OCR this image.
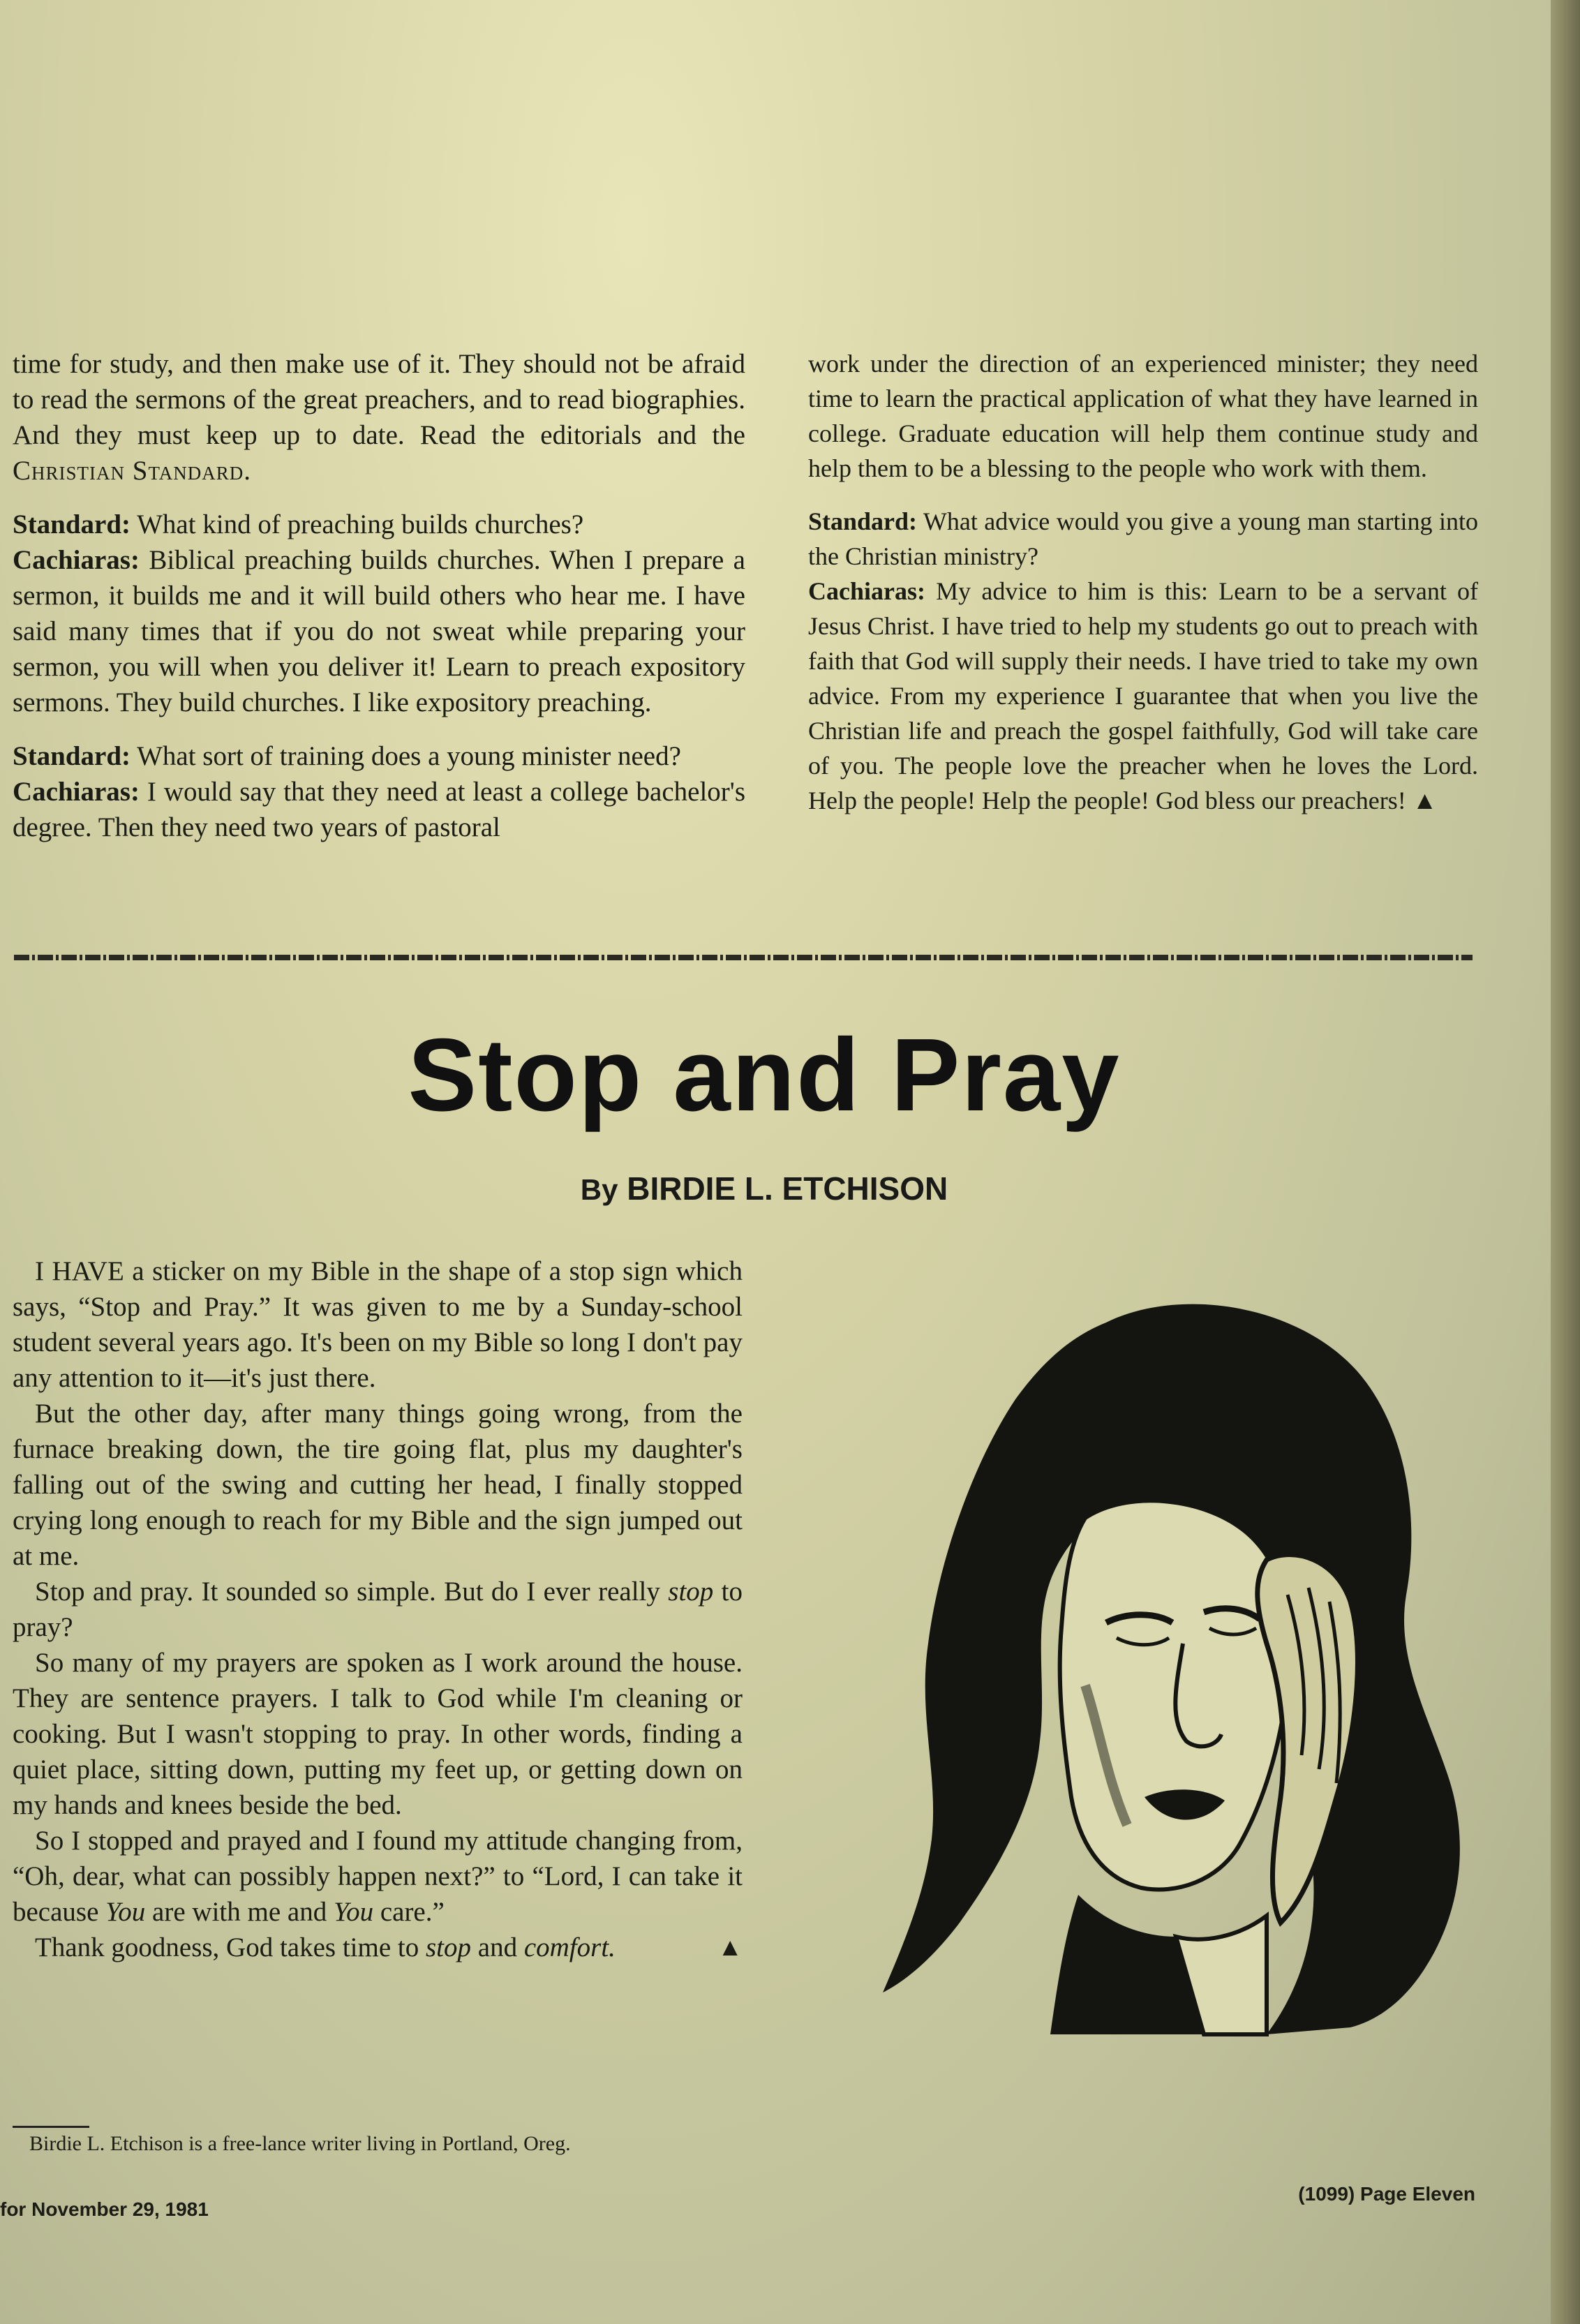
time for study, and then make use of it. They should not be afraid to read the sermons of the great preachers, and to read biographies. And they must keep up to date. Read the editorials and the Christian Standard.

Standard: What kind of preaching builds churches?
Cachiaras: Biblical preaching builds churches. When I prepare a sermon, it builds me and it will build others who hear me. I have said many times that if you do not sweat while preparing your sermon, you will when you deliver it! Learn to preach expository sermons. They build churches. I like expository preaching.

Standard: What sort of training does a young minister need?
Cachiaras: I would say that they need at least a college bachelor's degree. Then they need two years of pastoral

work under the direction of an experienced minister; they need time to learn the practical application of what they have learned in college. Graduate education will help them continue study and help them to be a blessing to the people who work with them.

Standard: What advice would you give a young man starting into the Christian ministry?
Cachiaras: My advice to him is this: Learn to be a servant of Jesus Christ. I have tried to help my students go out to preach with faith that God will supply their needs. I have tried to take my own advice. From my experience I guarantee that when you live the Christian life and preach the gospel faithfully, God will take care of you. The people love the preacher when he loves the Lord. Help the people! Help the people! God bless our preachers! ▲

Stop and Pray
By BIRDIE L. ETCHISON

I HAVE a sticker on my Bible in the shape of a stop sign which says, “Stop and Pray.” It was given to me by a Sunday-school student several years ago. It's been on my Bible so long I don't pay any attention to it—it's just there.

But the other day, after many things going wrong, from the furnace breaking down, the tire going flat, plus my daughter's falling out of the swing and cutting her head, I finally stopped crying long enough to reach for my Bible and the sign jumped out at me.

Stop and pray. It sounded so simple. But do I ever really stop to pray?

So many of my prayers are spoken as I work around the house. They are sentence prayers. I talk to God while I'm cleaning or cooking. But I wasn't stopping to pray. In other words, finding a quiet place, sitting down, putting my feet up, or getting down on my hands and knees beside the bed.

So I stopped and prayed and I found my attitude changing from, “Oh, dear, what can possibly happen next?” to “Lord, I can take it because You are with me and You care.”

Thank goodness, God takes time to stop and comfort.	▲

Birdie L. Etchison is a free-lance writer living in Portland, Oreg.
for November 29, 1981
(1099) Page Eleven
